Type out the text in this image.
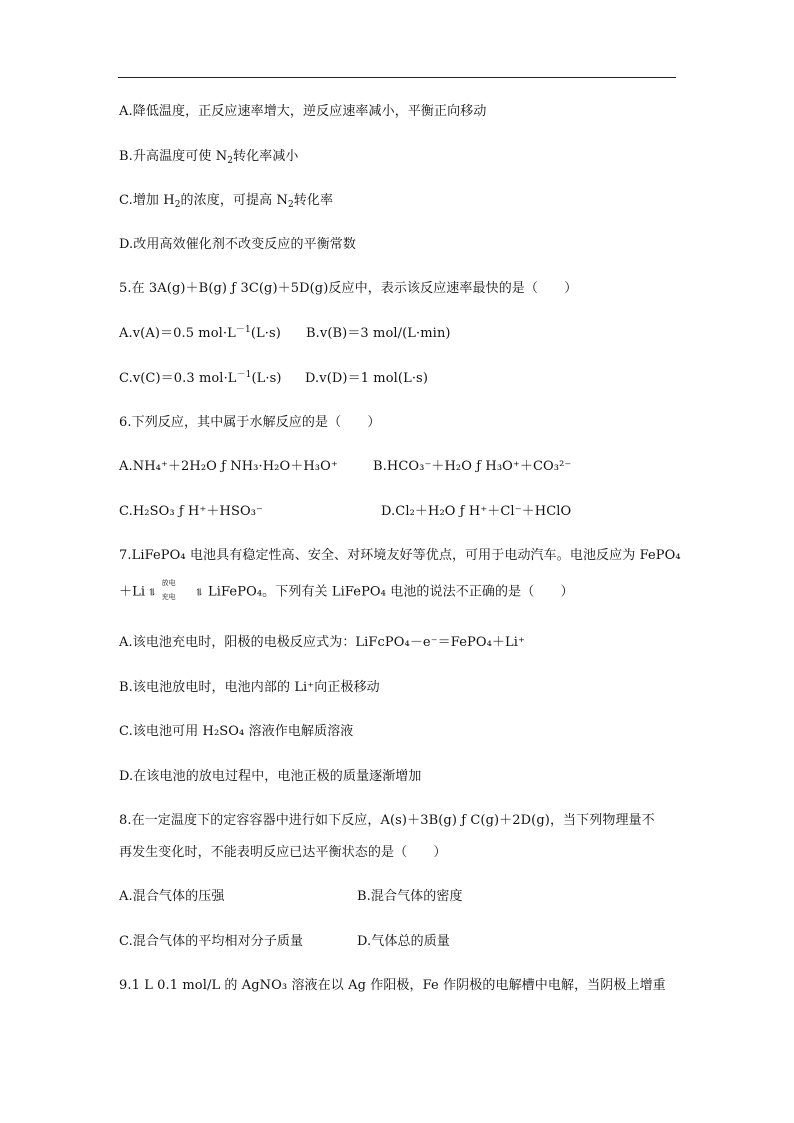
A.降低温度，正反应速率增大，逆反应速率减小，平衡正向移动
B.升高温度可使 $N_2$转化率减小
C.增加 $H_2$的浓度，可提高 $N_2$转化率
D.改用高效催化剂不改变反应的平衡常数
5.在 3A(g)＋B(g) ƒ 3C(g)＋5D(g)反应中，表示该反应速率最快的是（　　）
A.v(A)＝0.5 $mol\cdot L^{-1}(L\cdot s)$ B.v(B)＝3 mol/(L·min)
C.v(C)＝0.3 $mol\cdot L^{-1}(L\cdot s)$ D.v(D)＝1 mol(L·s)
6.下列反应，其中属于水解反应的是（　　）
A.NH₄⁺＋2H₂O ƒ NH₃·H₂O＋H₃O⁺	B.HCO₃⁻＋H₂O ƒ H₃O⁺＋CO₃²⁻
C.H₂SO₃ ƒ H⁺＋HSO₃⁻	D.Cl₂＋H₂O ƒ H⁺＋Cl⁻＋HClO
7.LiFePO₄ 电池具有稳定性高、安全、对环境友好等优点，可用于电动汽车。电池反应为 FePO₄
＋Li ⇌
放电
充电 ⇌ LiFePO₄。下列有关 LiFePO₄ 电池的说法不正确的是（　　）
A.该电池充电时，阳极的电极反应式为：LiFcPO₄－e⁻＝FePO₄＋Li⁺
B.该电池放电时，电池内部的 Li⁺向正极移动
C.该电池可用 H₂SO₄ 溶液作电解质溶液
D.在该电池的放电过程中，电池正极的质量逐渐增加
8.在一定温度下的定容容器中进行如下反应，A(s)＋3B(g) ƒ C(g)＋2D(g)，当下列物理量不
再发生变化时，不能表明反应已达平衡状态的是（　　）
A.混合气体的压强	B.混合气体的密度
C.混合气体的平均相对分子质量	D.气体总的质量
9.1 L 0.1 mol/L 的 AgNO₃ 溶液在以 Ag 作阳极，Fe 作阴极的电解槽中电解，当阴极上增重
